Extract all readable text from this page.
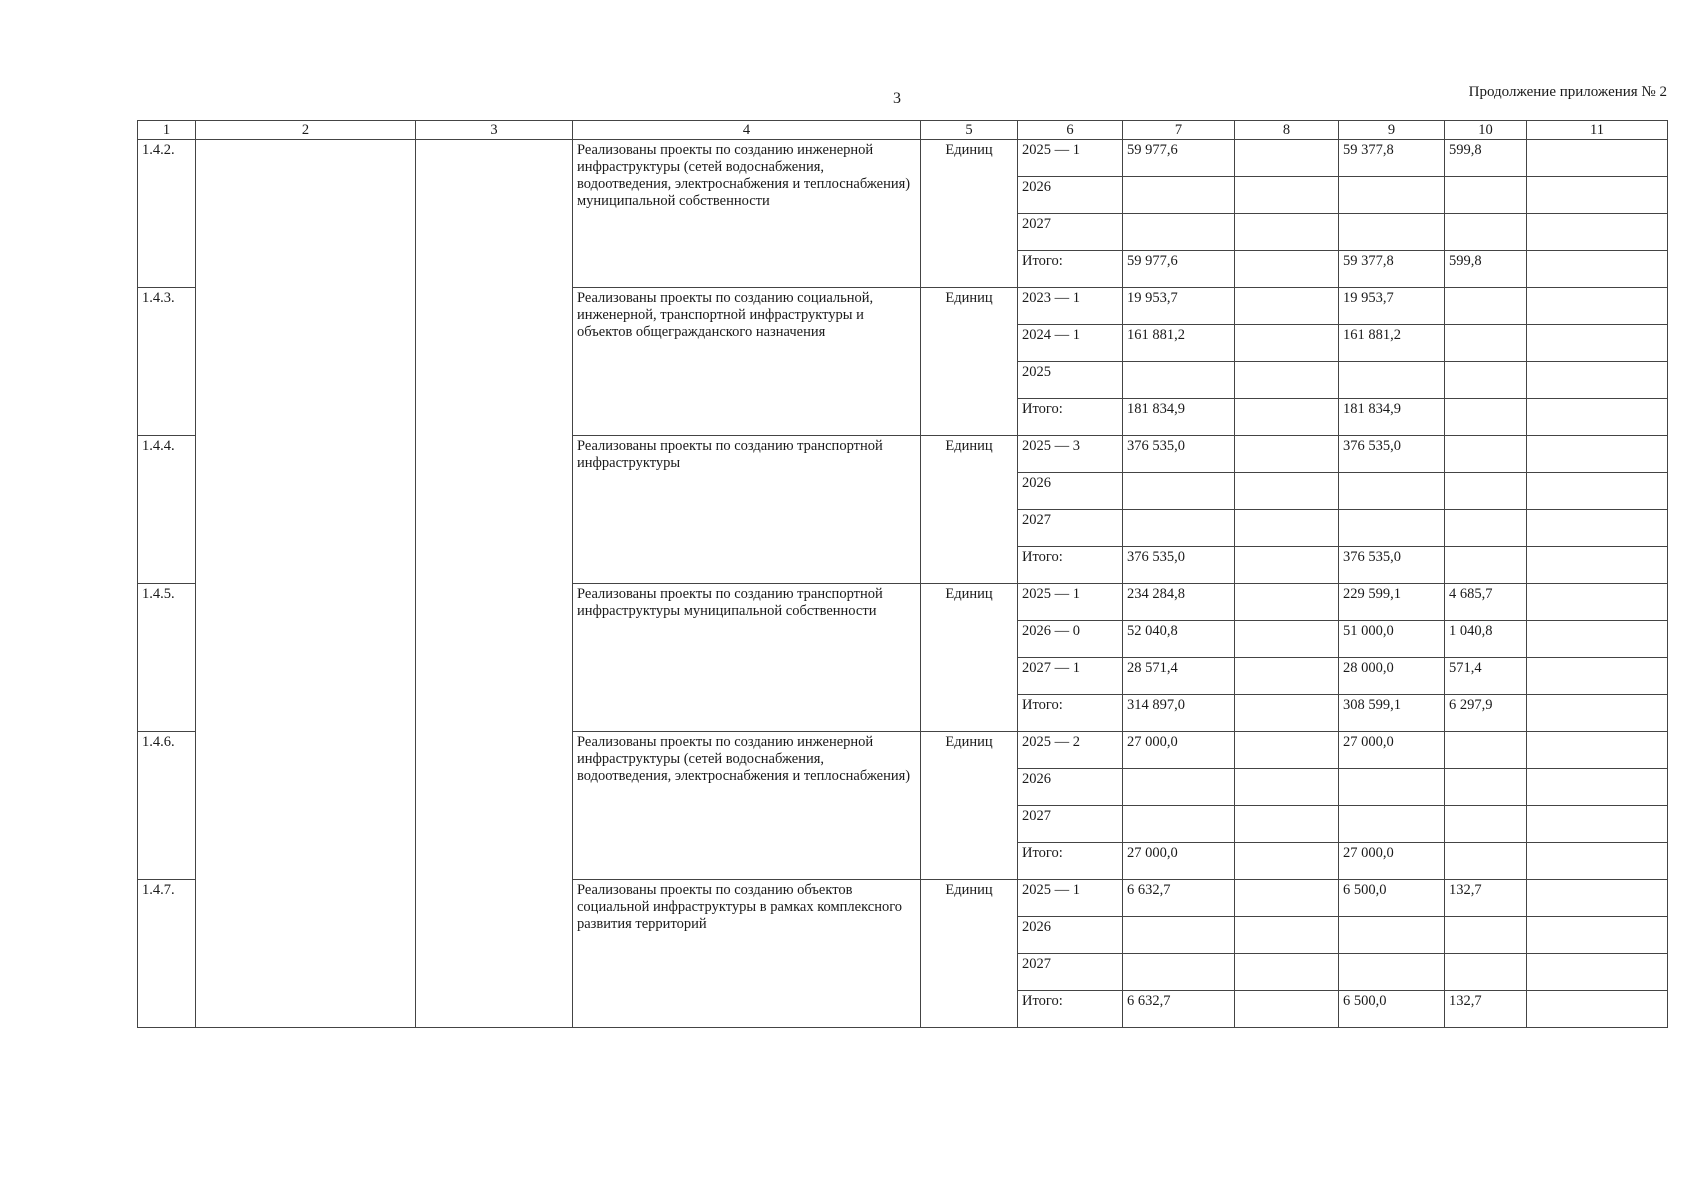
3	Продолжение приложения № 2
1	2	3	4	5	6	7	8	9	10	11
1.4.2.			Реализованы проекты по созданию инженерной инфраструктуры (сетей водоснабжения, водоотведения, электроснабжения и теплоснабжения) муниципальной собственности	Единиц	2025 — 1	59 977,6		59 377,8	599,8	
					2026					
					2027					
					Итого:	59 977,6		59 377,8	599,8	
1.4.3.			Реализованы проекты по созданию социальной, инженерной, транспортной инфраструктуры и объектов общегражданского назначения	Единиц	2023 — 1	19 953,7		19 953,7		
					2024 — 1	161 881,2		161 881,2		
					2025					
					Итого:	181 834,9		181 834,9		
1.4.4.			Реализованы проекты по созданию транспортной инфраструктуры	Единиц	2025 — 3	376 535,0		376 535,0		
					2026					
					2027					
					Итого:	376 535,0		376 535,0		
1.4.5.			Реализованы проекты по созданию транспортной инфраструктуры муниципальной собственности	Единиц	2025 — 1	234 284,8		229 599,1	4 685,7	
					2026 — 0	52 040,8		51 000,0	1 040,8	
					2027 — 1	28 571,4		28 000,0	571,4	
					Итого:	314 897,0		308 599,1	6 297,9	
1.4.6.			Реализованы проекты по созданию инженерной инфраструктуры (сетей водоснабжения, водоотведения, электроснабжения и теплоснабжения)	Единиц	2025 — 2	27 000,0		27 000,0		
					2026					
					2027					
					Итого:	27 000,0		27 000,0		
1.4.7.			Реализованы проекты по созданию объектов социальной инфраструктуры в рамках комплексного развития территорий	Единиц	2025 — 1	6 632,7		6 500,0	132,7	
					2026					
					2027					
					Итого:	6 632,7		6 500,0	132,7	
